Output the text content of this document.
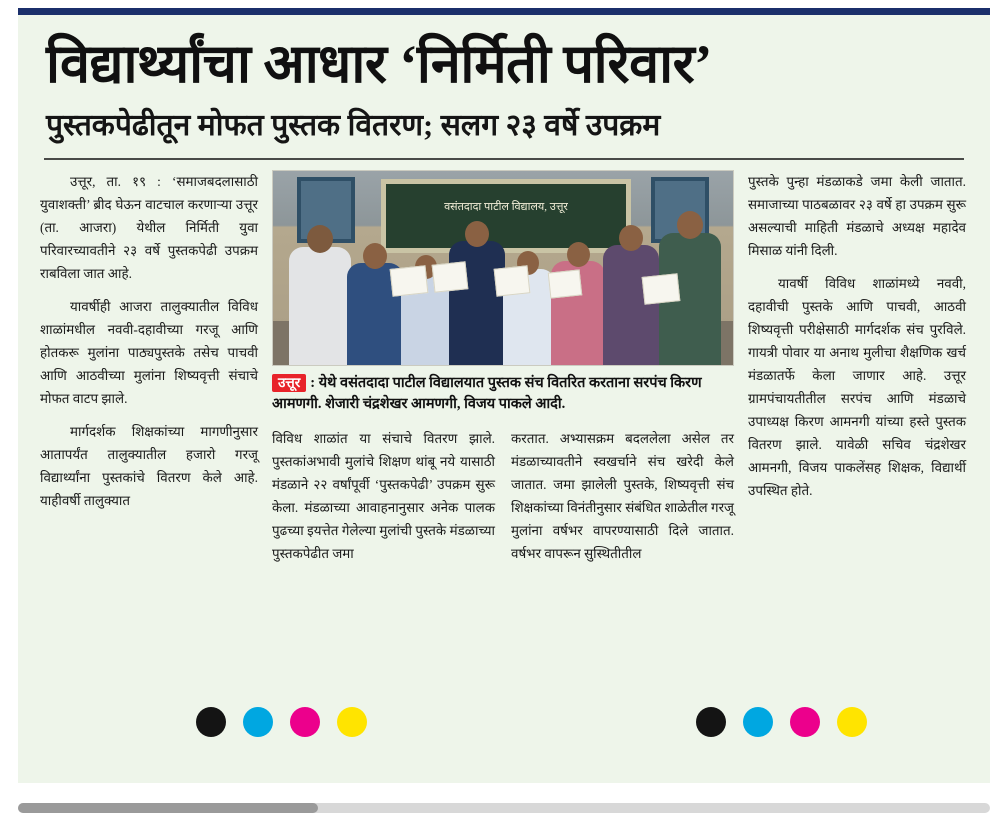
विद्यार्थ्यांचा आधार ‘निर्मिती परिवार’
पुस्तकपेढीतून मोफत पुस्तक वितरण; सलग २३ वर्षे उपक्रम

उत्तूर, ता. १९ : ‘समाजबदलासाठी युवाशक्ती’ ब्रीद घेऊन वाटचाल करणाऱ्या उत्तूर (ता. आजरा) येथील निर्मिती युवा परिवारच्यावतीने २३ वर्षे पुस्तकपेढी उपक्रम राबविला जात आहे.

यावर्षीही आजरा तालुक्यातील विविध शाळांमधील नववी-दहावीच्या गरजू आणि होतकरू मुलांना पाठ्यपुस्तके तसेच पाचवी आणि आठवीच्या मुलांना शिष्यवृत्ती संचाचे मोफत वाटप झाले.

मार्गदर्शक शिक्षकांच्या मागणीनुसार आतापर्यंत तालुक्यातील हजारो गरजू विद्यार्थ्यांना पुस्तकांचे वितरण केले आहे. याहीवर्षी तालुक्यात

वसंतदादा पाटील विद्यालय, उत्तूर
उत्तूर : येथे वसंतदादा पाटील विद्यालयात पुस्तक संच वितरित करताना सरपंच किरण आमणगी. शेजारी चंद्रशेखर आमणगी, विजय पाकले आदी.

विविध शाळांत या संचाचे वितरण झाले. पुस्तकांअभावी मुलांचे शिक्षण थांबू नये यासाठी मंडळाने २२ वर्षांपूर्वी ‘पुस्तकपेढी’ उपक्रम सुरू केला. मंडळाच्या आवाहनानुसार अनेक पालक पुढच्या इयत्तेत गेलेल्या मुलांची पुस्तके मंडळाच्या पुस्तकपेढीत जमा

करतात. अभ्यासक्रम बदललेला असेल तर मंडळाच्यावतीने स्वखर्चाने संच खरेदी केले जातात. जमा झालेली पुस्तके, शिष्यवृत्ती संच शिक्षकांच्या विनंतीनुसार संबंधित शाळेतील गरजू मुलांना वर्षभर वापरण्यासाठी दिले जातात. वर्षभर वापरून सुस्थितीतील

पुस्तके पुन्हा मंडळाकडे जमा केली जातात. समाजाच्या पाठबळावर २३ वर्षे हा उपक्रम सुरू असल्याची माहिती मंडळाचे अध्यक्ष महादेव मिसाळ यांनी दिली.

यावर्षी विविध शाळांमध्ये नववी, दहावीची पुस्तके आणि पाचवी, आठवी शिष्यवृत्ती परीक्षेसाठी मार्गदर्शक संच पुरविले. गायत्री पोवार या अनाथ मुलीचा शैक्षणिक खर्च मंडळातर्फे केला जाणार आहे. उत्तूर ग्रामपंचायतीतील सरपंच आणि मंडळाचे उपाध्यक्ष किरण आमनगी यांच्या हस्ते पुस्तक वितरण झाले. यावेळी सचिव चंद्रशेखर आमनगी, विजय पाकलेंसह शिक्षक, विद्यार्थी उपस्थित होते.
